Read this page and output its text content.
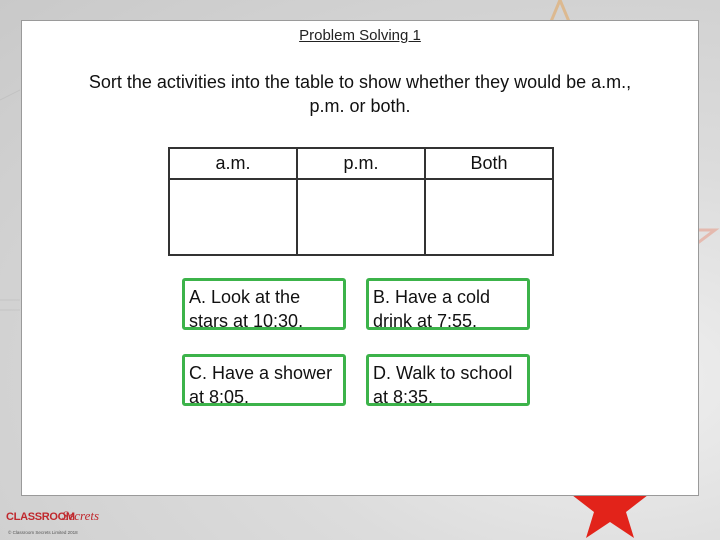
Problem Solving 1
Sort the activities into the table to show whether they would be a.m., p.m. or both.
a.m.	p.m.	Both

A. Look at the stars at 10:30.
B. Have a cold drink at 7:55.
C. Have a shower at 8:05.
D. Walk to school at 8:35.
CLASSROOM
Secrets
© Classroom Secrets Limited 2018
